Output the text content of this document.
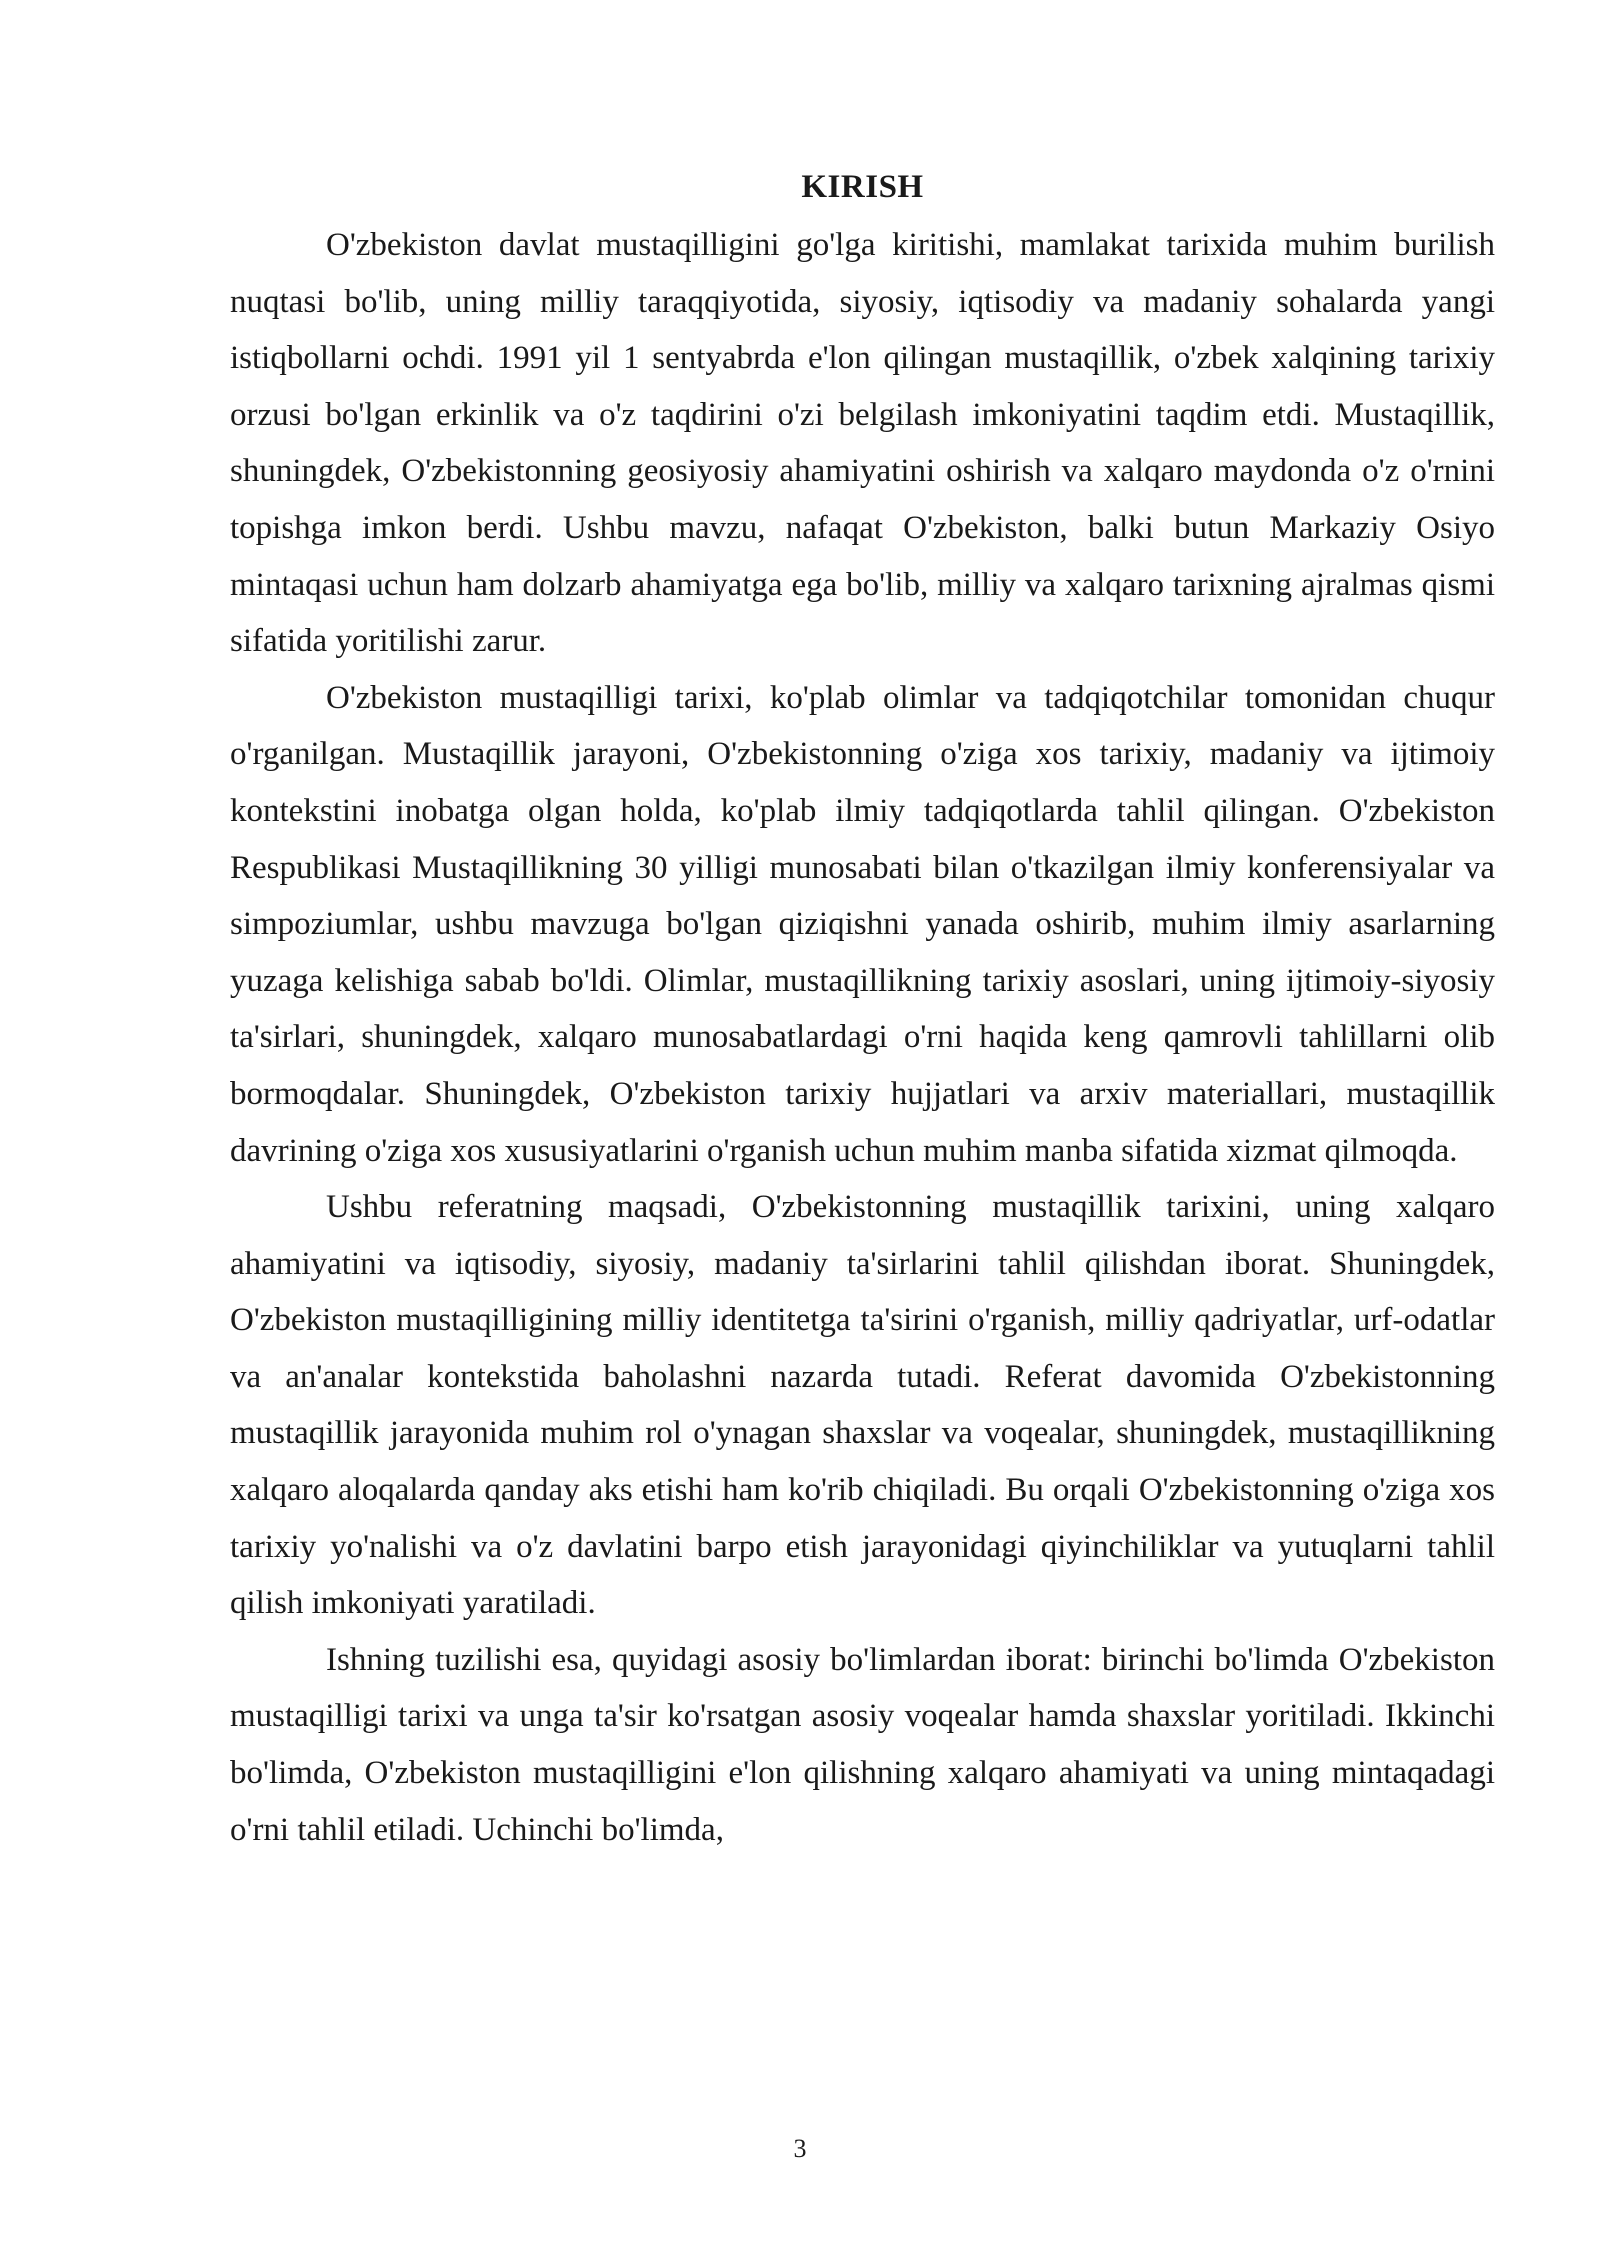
KIRISH

O'zbekiston davlat mustaqilligini go'lga kiritishi, mamlakat tarixida muhim burilish nuqtasi bo'lib, uning milliy taraqqiyotida, siyosiy, iqtisodiy va madaniy sohalarda yangi istiqbollarni ochdi. 1991 yil 1 sentyabrda e'lon qilingan mustaqillik, o'zbek xalqining tarixiy orzusi bo'lgan erkinlik va o'z taqdirini o'zi belgilash imkoniyatini taqdim etdi. Mustaqillik, shuningdek, O'zbekistonning geosiyosiy ahamiyatini oshirish va xalqaro maydonda o'z o'rnini topishga imkon berdi. Ushbu mavzu, nafaqat O'zbekiston, balki butun Markaziy Osiyo mintaqasi uchun ham dolzarb ahamiyatga ega bo'lib, milliy va xalqaro tarixning ajralmas qismi sifatida yoritilishi zarur.

O'zbekiston mustaqilligi tarixi, ko'plab olimlar va tadqiqotchilar tomonidan chuqur o'rganilgan. Mustaqillik jarayoni, O'zbekistonning o'ziga xos tarixiy, madaniy va ijtimoiy kontekstini inobatga olgan holda, ko'plab ilmiy tadqiqotlarda tahlil qilingan. O'zbekiston Respublikasi Mustaqillikning 30 yilligi munosabati bilan o'tkazilgan ilmiy konferensiyalar va simpoziumlar, ushbu mavzuga bo'lgan qiziqishni yanada oshirib, muhim ilmiy asarlarning yuzaga kelishiga sabab bo'ldi. Olimlar, mustaqillikning tarixiy asoslari, uning ijtimoiy-siyosiy ta'sirlari, shuningdek, xalqaro munosabatlardagi o'rni haqida keng qamrovli tahlillarni olib bormoqdalar. Shuningdek, O'zbekiston tarixiy hujjatlari va arxiv materiallari, mustaqillik davrining o'ziga xos xususiyatlarini o'rganish uchun muhim manba sifatida xizmat qilmoqda.

Ushbu referatning maqsadi, O'zbekistonning mustaqillik tarixini, uning xalqaro ahamiyatini va iqtisodiy, siyosiy, madaniy ta'sirlarini tahlil qilishdan iborat. Shuningdek, O'zbekiston mustaqilligining milliy identitetga ta'sirini o'rganish, milliy qadriyatlar, urf-odatlar va an'analar kontekstida baholashni nazarda tutadi. Referat davomida O'zbekistonning mustaqillik jarayonida muhim rol o'ynagan shaxslar va voqealar, shuningdek, mustaqillikning xalqaro aloqalarda qanday aks etishi ham ko'rib chiqiladi. Bu orqali O'zbekistonning o'ziga xos tarixiy yo'nalishi va o'z davlatini barpo etish jarayonidagi qiyinchiliklar va yutuqlarni tahlil qilish imkoniyati yaratiladi.

Ishning tuzilishi esa, quyidagi asosiy bo'limlardan iborat: birinchi bo'limda O'zbekiston mustaqilligi tarixi va unga ta'sir ko'rsatgan asosiy voqealar hamda shaxslar yoritiladi. Ikkinchi bo'limda, O'zbekiston mustaqilligini e'lon qilishning xalqaro ahamiyati va uning mintaqadagi o'rni tahlil etiladi. Uchinchi bo'limda,

3
